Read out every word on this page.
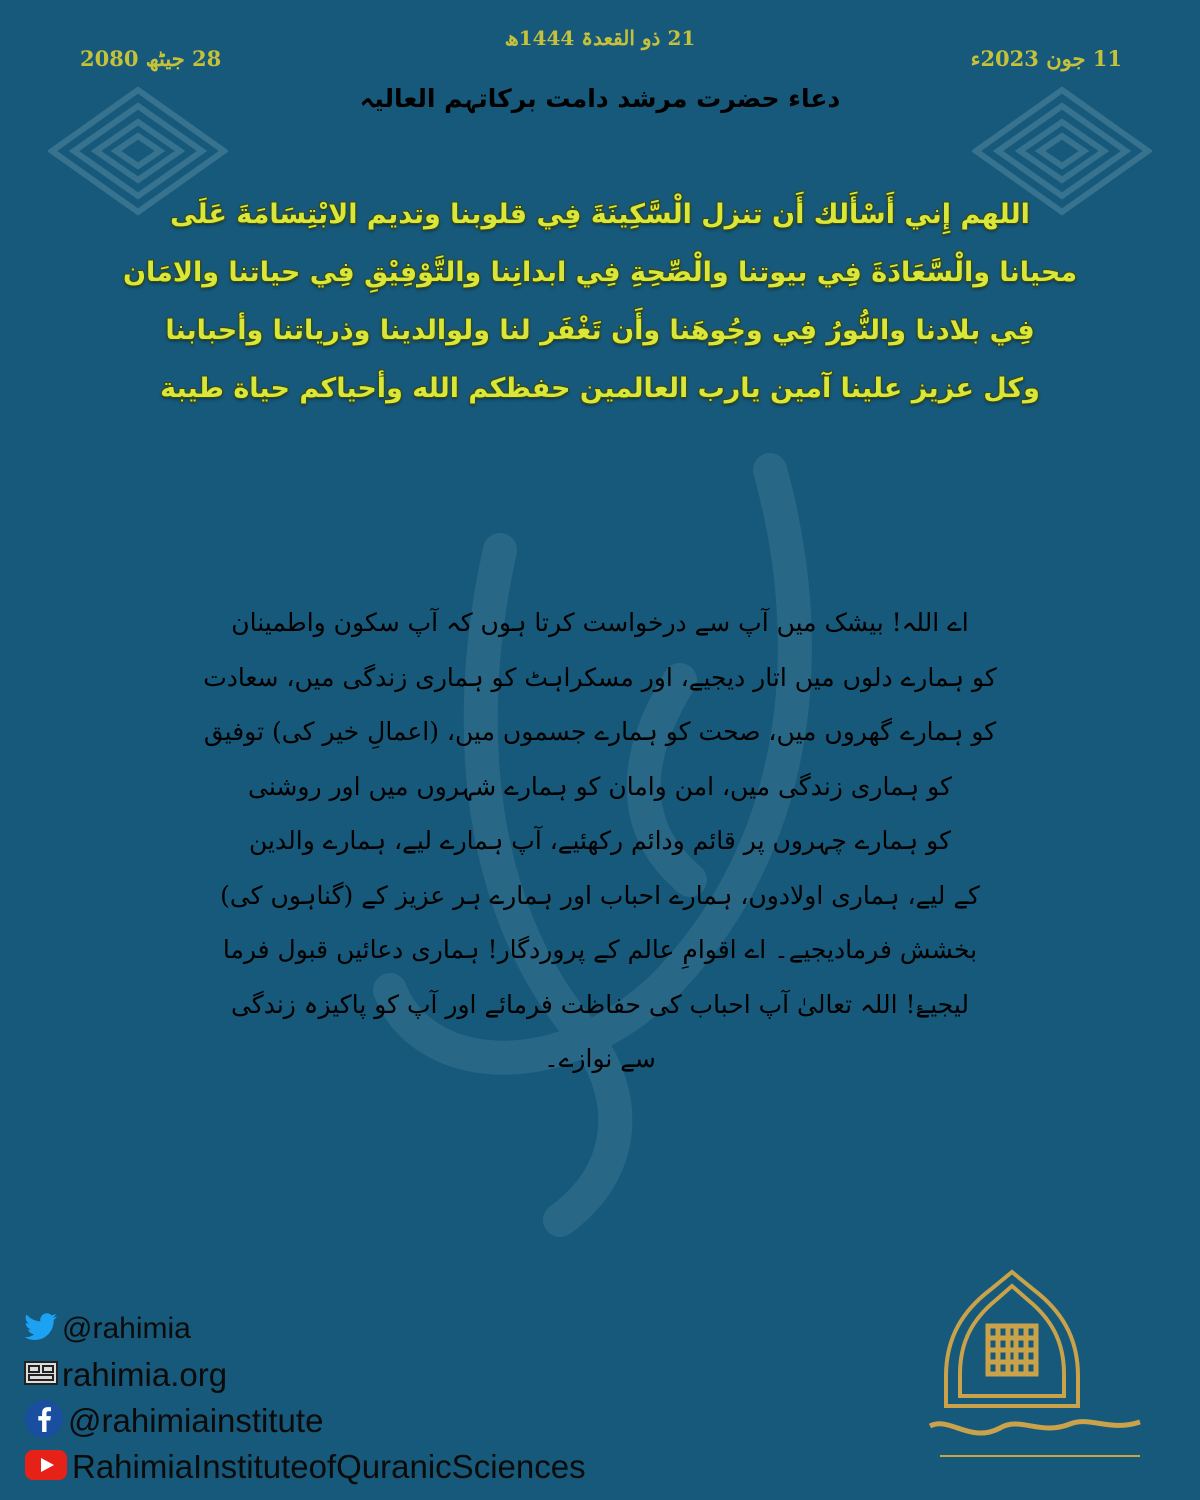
28 جیٹھ 2080
21 ذو القعدۃ 1444ھ
11 جون 2023ء
دعاء حضرت مرشد دامت برکاتہم العالیہ
اللهم إِني أَسْأَلك أَن تنزل الْسَّكِينَةَ فِي قلوبنا وتديم الابْتِسَامَةَ عَلَى
محيانا والْسَّعَادَةَ فِي بيوتنا والْصِّحِةِ فِي ابدانِنا والتَّوْفِيْقِ فِي حياتنا والامَان
فِي بلادنا والنُّورُ فِي وجُوهَنا وأَن تَغْفَر لنا ولوالدينا وذرياتنا وأحبابنا
وكل عزيز علينا آمين يارب العالمين حفظكم الله وأحياكم حياة طيبة
اے اللہ! بیشک میں آپ سے درخواست کرتا ہوں کہ آپ سکون واطمینان
کو ہمارے دلوں میں اتار دیجیے، اور مسکراہٹ کو ہماری زندگی میں، سعادت
کو ہمارے گھروں میں، صحت کو ہمارے جسموں میں، (اعمالِ خیر کی) توفیق
کو ہماری زندگی میں، امن وامان کو ہمارے شہروں میں اور روشنی
کو ہمارے چہروں پر قائم ودائم رکھئیے، آپ ہمارے لیے، ہمارے والدین
کے لیے، ہماری اولادوں، ہمارے احباب اور ہمارے ہر عزیز کے (گناہوں کی)
بخشش فرمادیجیے۔ اے اقوامِ عالم کے پروردگار! ہماری دعائیں قبول فرما
لیجیۓ! اللہ تعالیٰ آپ احباب کی حفاظت فرمائے اور آپ کو پاکیزہ زندگی
سے نوازے۔
@rahimia
rahimia.org
@rahimiainstitute
RahimiaInstituteofQuranicSciences
